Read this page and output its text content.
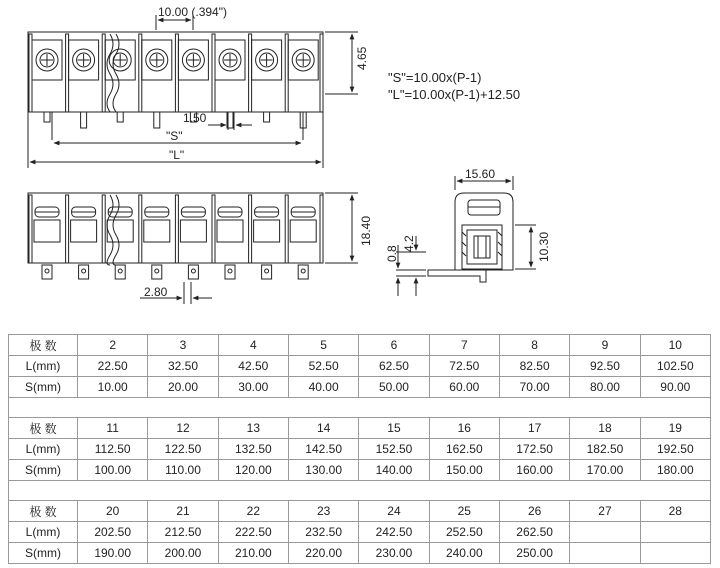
10.00 (.394")
4.65
1.50
"S"
"L"
"S"=10.00x(P-1)
"L"=10.00x(P-1)+12.50
18.40
2.80
15.60
10.30
0.8
4.2
极 数	2	3	4	5	6	7	8	9	10
L(mm)	22.50	32.50	42.50	52.50	62.50	72.50	82.50	92.50	102.50
S(mm)	10.00	20.00	30.00	40.00	50.00	60.00	70.00	80.00	90.00

极 数	11	12	13	14	15	16	17	18	19
L(mm)	112.50	122.50	132.50	142.50	152.50	162.50	172.50	182.50	192.50
S(mm)	100.00	110.00	120.00	130.00	140.00	150.00	160.00	170.00	180.00

极 数	20	21	22	23	24	25	26	27	28
L(mm)	202.50	212.50	222.50	232.50	242.50	252.50	262.50		
S(mm)	190.00	200.00	210.00	220.00	230.00	240.00	250.00		
